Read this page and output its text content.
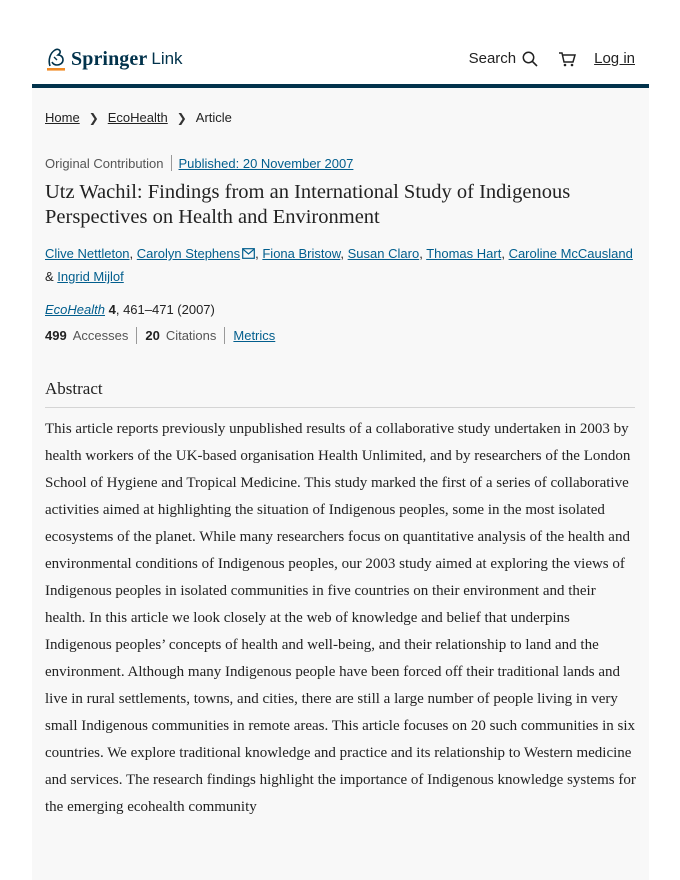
Springer Link	Search	Log in
Home ❯ EcoHealth ❯ Article
Original Contribution Published: 20 November 2007
Utz Wachil: Findings from an International Study of Indigenous Perspectives on Health and Environment
Clive Nettleton, Carolyn Stephens , Fiona Bristow, Susan Claro, Thomas Hart, Caroline McCausland
& Ingrid Mijlof
EcoHealth 4, 461–471 (2007)
499 Accesses 20 Citations Metrics
Abstract

This article reports previously unpublished results of a collaborative study undertaken in 2003 by health workers of the UK-based organisation Health Unlimited, and by researchers of the London School of Hygiene and Tropical Medicine. This study marked the first of a series of collaborative activities aimed at highlighting the situation of Indigenous peoples, some in the most isolated ecosystems of the planet. While many researchers focus on quantitative analysis of the health and environmental conditions of Indigenous peoples, our 2003 study aimed at exploring the views of Indigenous peoples in isolated communities in five countries on their environment and their health. In this article we look closely at the web of knowledge and belief that underpins Indigenous peoples’ concepts of health and well-being, and their relationship to land and the environment. Although many Indigenous people have been forced off their traditional lands and live in rural settlements, towns, and cities, there are still a large number of people living in very small Indigenous communities in remote areas. This article focuses on 20 such communities in six countries. We explore traditional knowledge and practice and its relationship to Western medicine and services. The research findings highlight the importance of Indigenous knowledge systems for the emerging ecohealth community
